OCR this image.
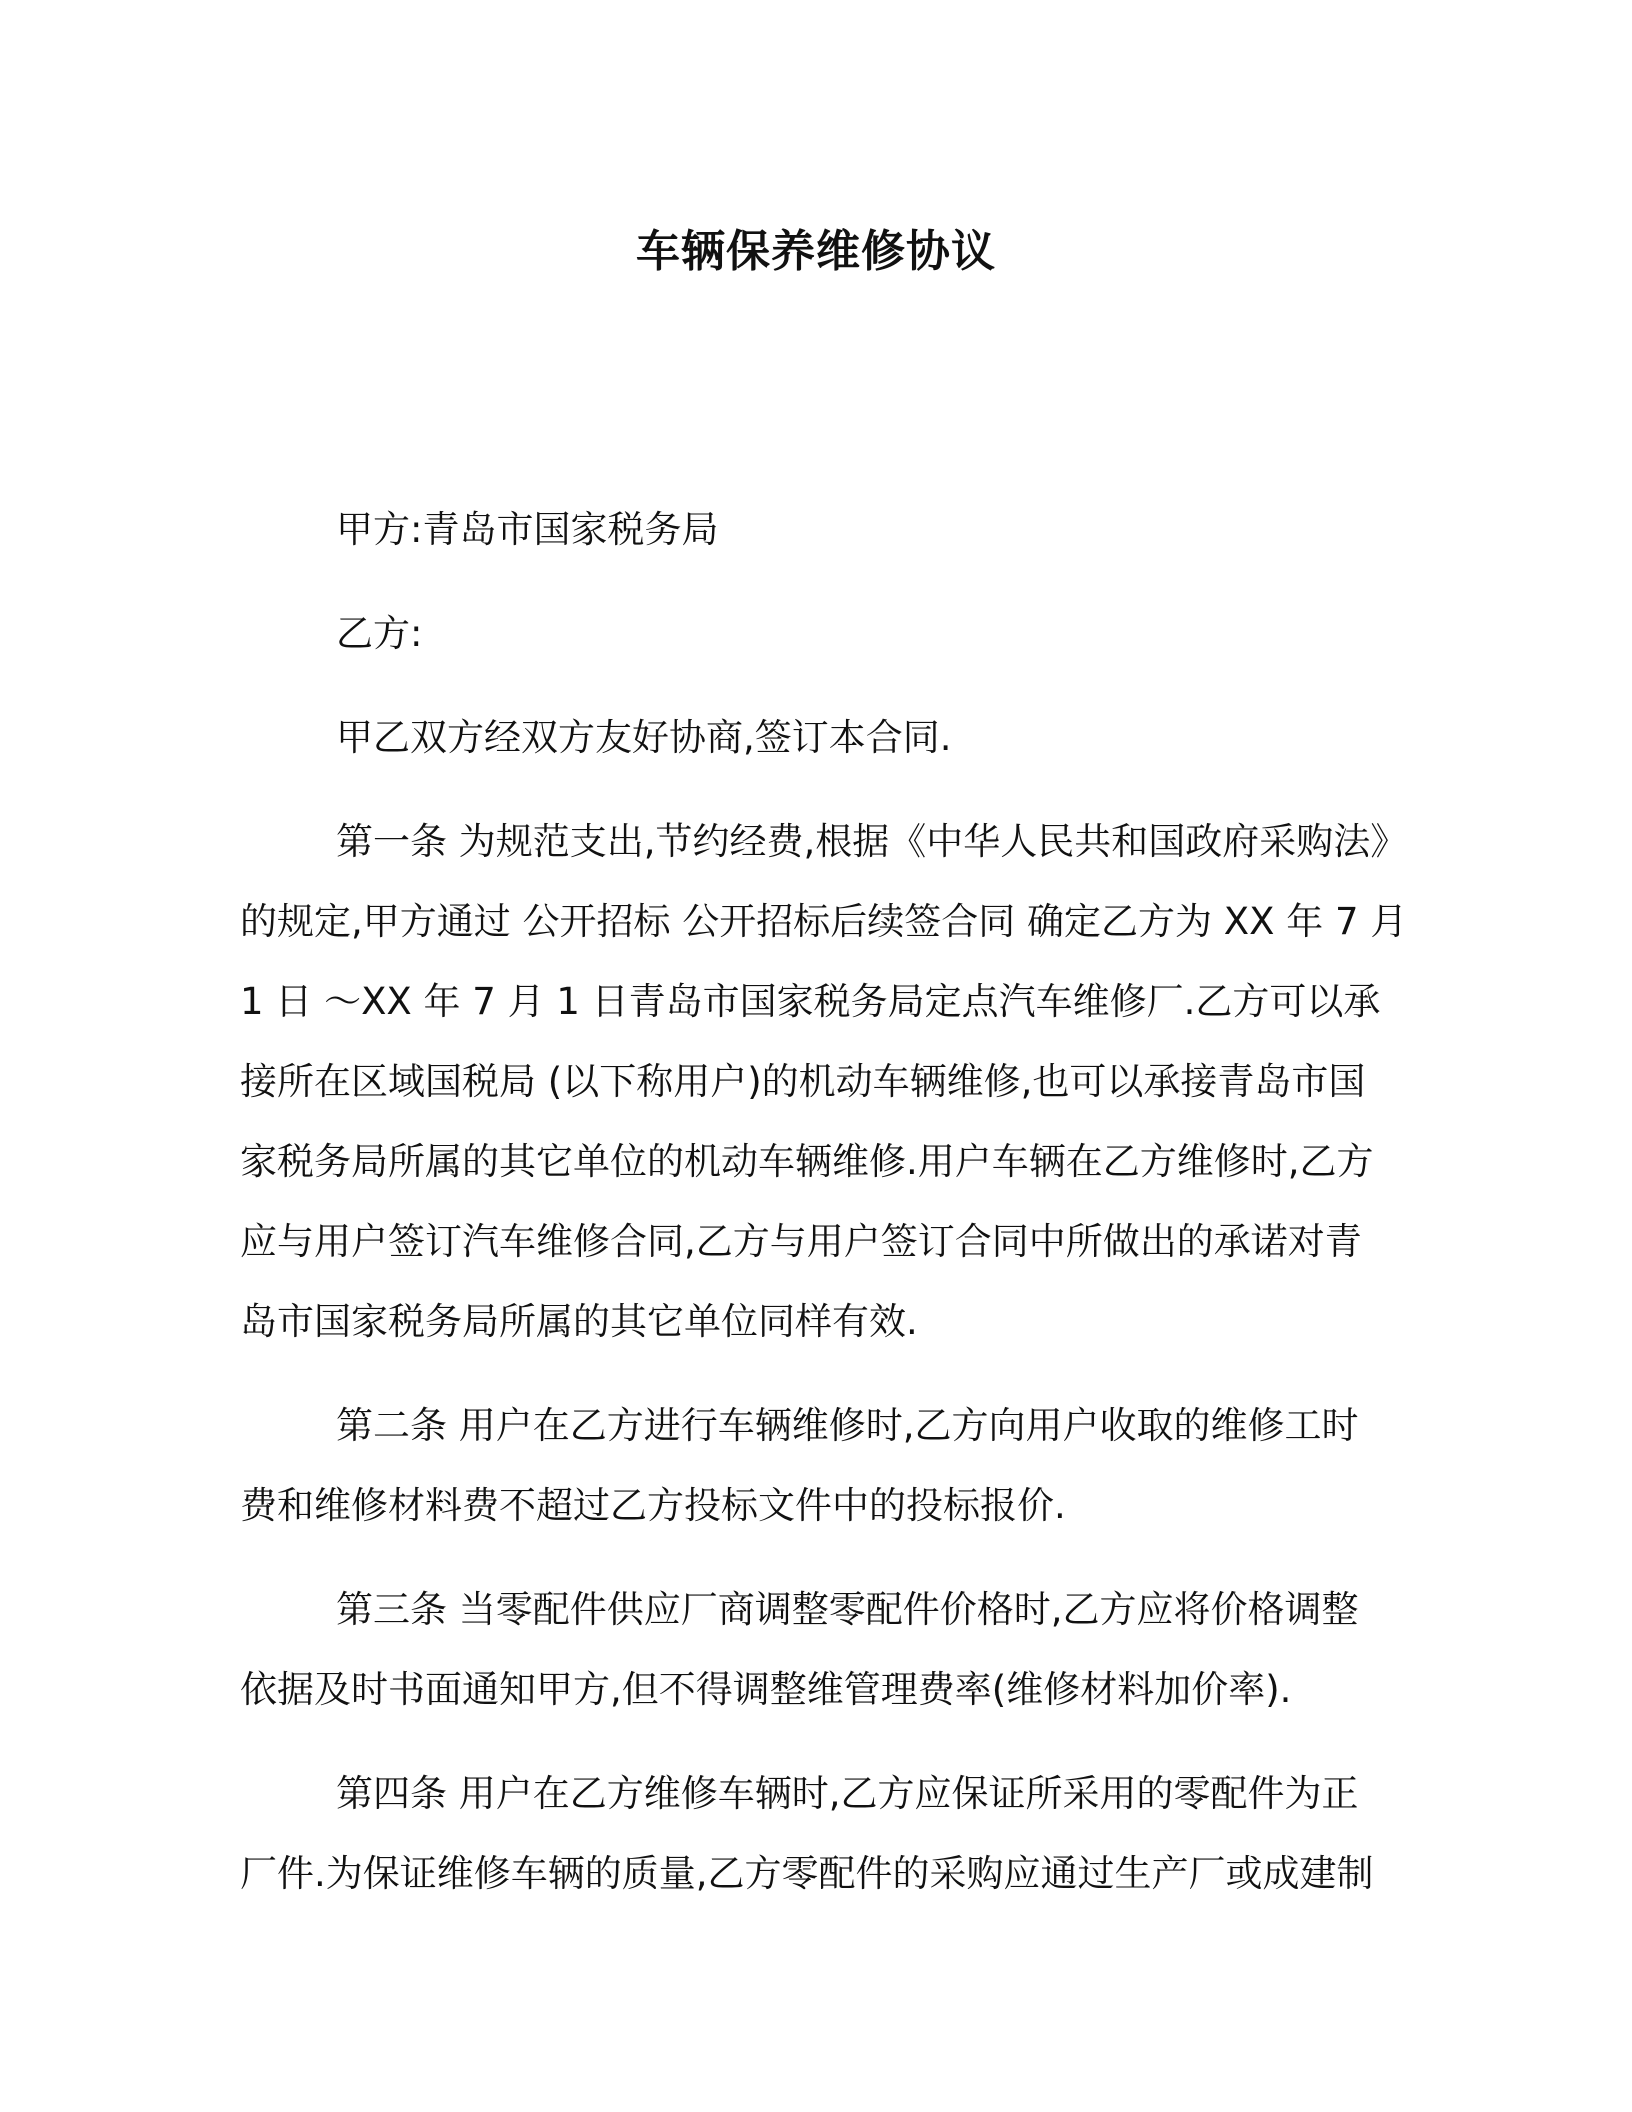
车辆保养维修协议
甲方:青岛市国家税务局
乙方:
甲乙双方经双方友好协商,签订本合同.
第一条 为规范支出,节约经费,根据《中华人民共和国政府采购法》
的规定,甲方通过 公开招标 公开招标后续签合同 确定乙方为 XX 年 7 月
1 日 ～XX 年 7 月 1 日青岛市国家税务局定点汽车维修厂.乙方可以承
接所在区域国税局 (以下称用户)的机动车辆维修,也可以承接青岛市国
家税务局所属的其它单位的机动车辆维修.用户车辆在乙方维修时,乙方
应与用户签订汽车维修合同,乙方与用户签订合同中所做出的承诺对青
岛市国家税务局所属的其它单位同样有效.
第二条 用户在乙方进行车辆维修时,乙方向用户收取的维修工时
费和维修材料费不超过乙方投标文件中的投标报价.
第三条 当零配件供应厂商调整零配件价格时,乙方应将价格调整
依据及时书面通知甲方,但不得调整维管理费率(维修材料加价率).
第四条 用户在乙方维修车辆时,乙方应保证所采用的零配件为正
厂件.为保证维修车辆的质量,乙方零配件的采购应通过生产厂或成建制
